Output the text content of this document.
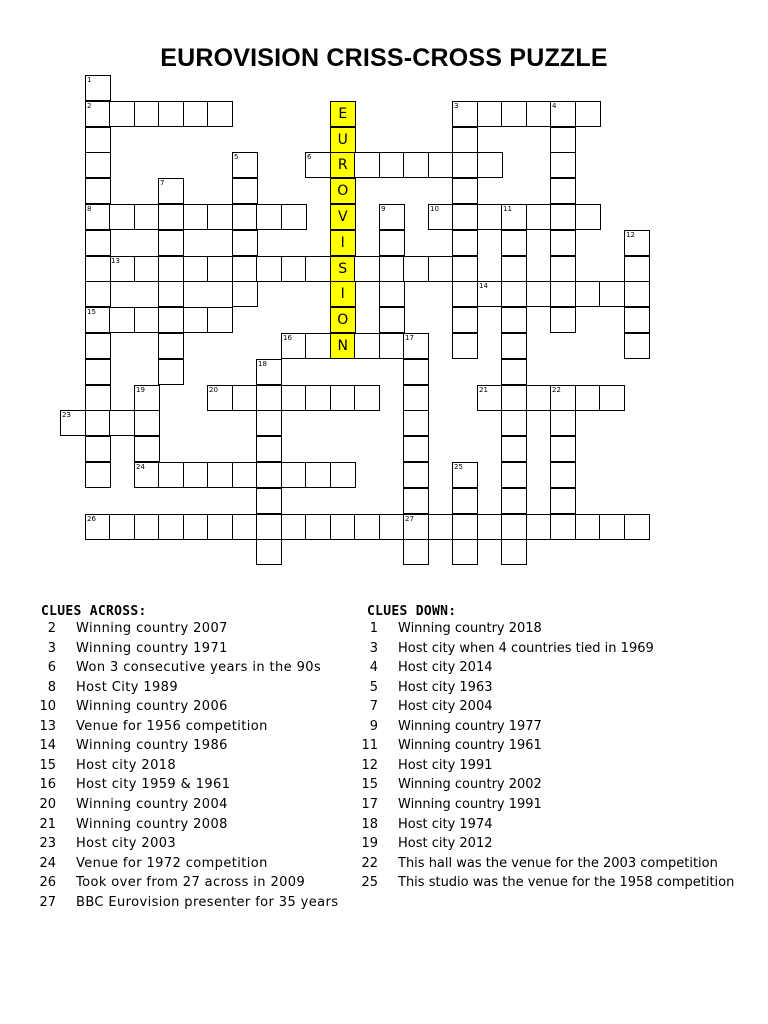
EUROVISION CRISS-CROSS PUZZLE
2	3	4
6	R
8	10	11
13	S
14
15
16	N	17
20	21	22
23
24
26	27
1
5
7
9
12
18
19
25
E
U
O
V
I
I
O
CLUES ACROSS:
2 Winning country 2007
3 Winning country 1971
6 Won 3 consecutive years in the 90s
8 Host City 1989
10 Winning country 2006
13 Venue for 1956 competition
14 Winning country 1986
15 Host city 2018
16 Host city 1959 & 1961
20 Winning country 2004
21 Winning country 2008
23 Host city 2003
24 Venue for 1972 competition
26 Took over from 27 across in 2009
27 BBC Eurovision presenter for 35 years
CLUES DOWN:
1 Winning country 2018
3 Host city when 4 countries tied in 1969
4 Host city 2014
5 Host city 1963
7 Host city 2004
9 Winning country 1977
11 Winning country 1961
12 Host city 1991
15 Winning country 2002
17 Winning country 1991
18 Host city 1974
19 Host city 2012
22 This hall was the venue for the 2003 competition
25 This studio was the venue for the 1958 competition
